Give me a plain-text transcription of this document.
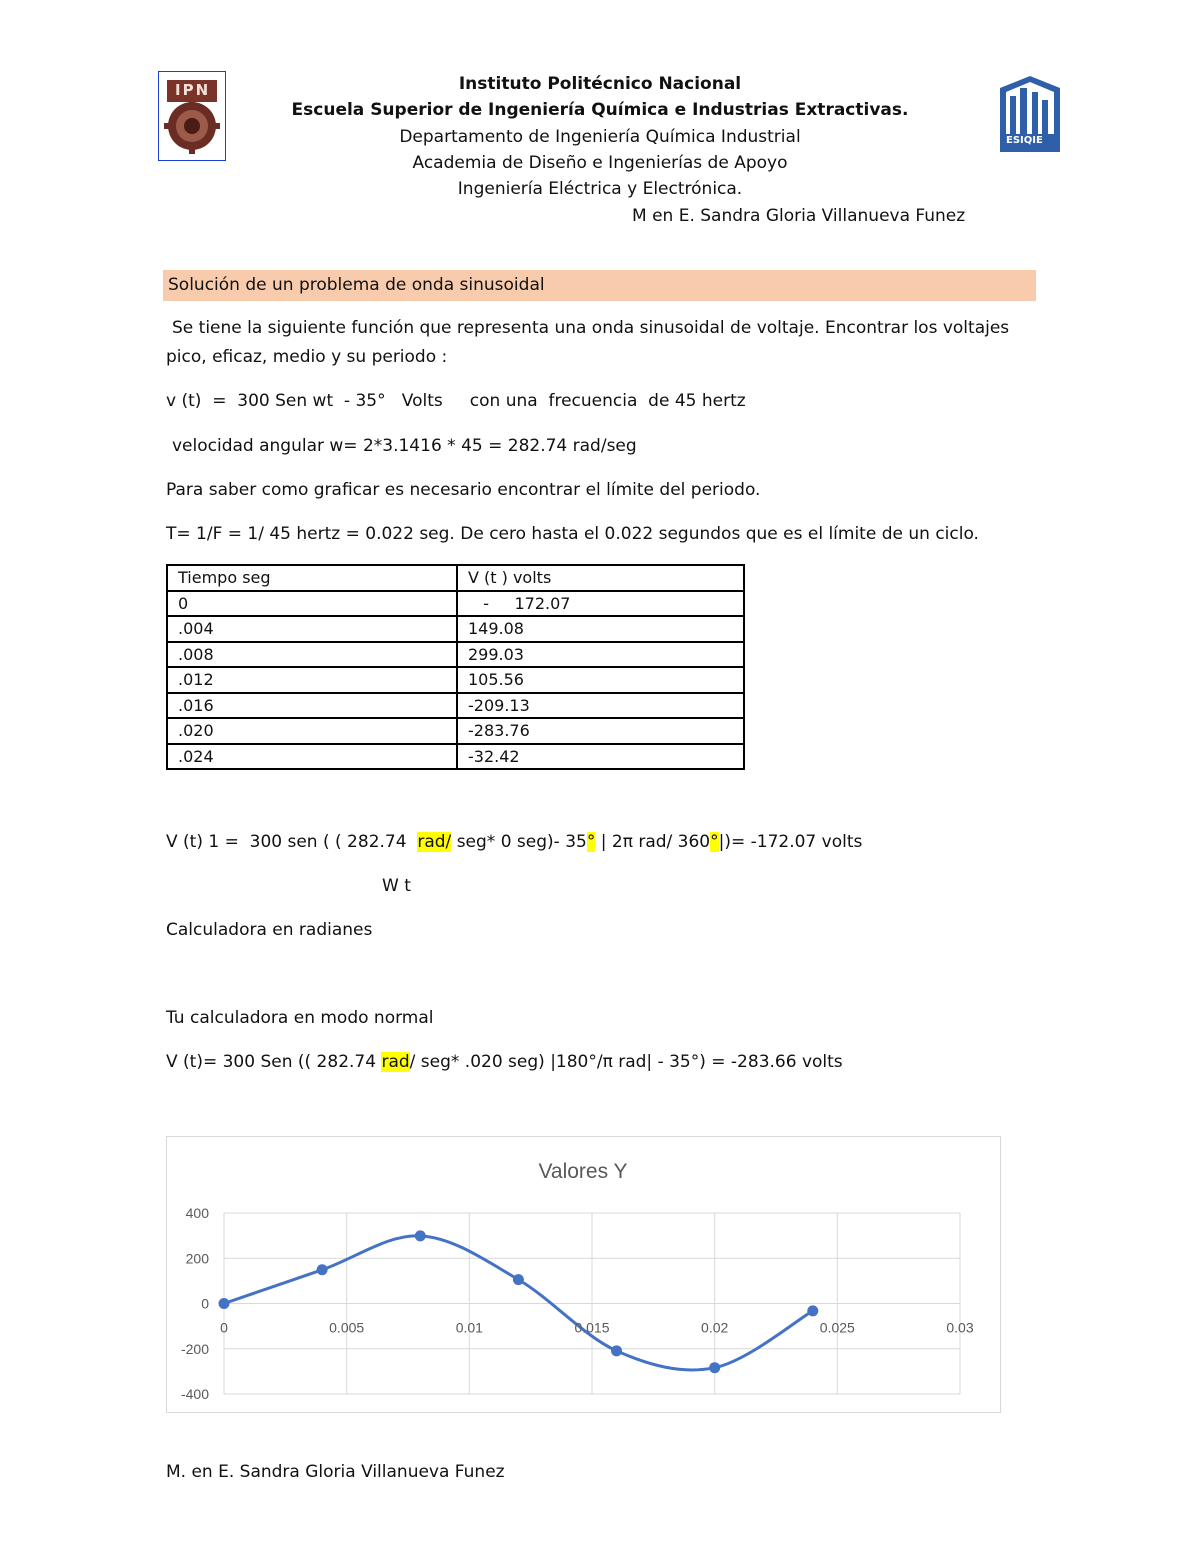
IPN
ESIQIE
Instituto Politécnico Nacional
Escuela Superior de Ingeniería Química e Industrias Extractivas.
Departamento de Ingeniería Química Industrial
Academia de Diseño e Ingenierías de Apoyo
Ingeniería Eléctrica y Electrónica.
M en E. Sandra Gloria Villanueva Funez
Solución de un problema de onda sinusoidal
Se tiene la siguiente función que representa una onda sinusoidal de voltaje. Encontrar los voltajes
pico, eficaz, medio y su periodo :
v (t)  =  300 Sen wt  - 35°   Volts     con una  frecuencia  de 45 hertz
velocidad angular w= 2*3.1416 * 45 = 282.74 rad/seg
Para saber como graficar es necesario encontrar el límite del periodo.
T= 1/F = 1/ 45 hertz = 0.022 seg. De cero hasta el 0.022 segundos que es el límite de un ciclo.
Tiempo seg	V (t ) volts
0	-     172.07
.004	149.08
.008	299.03
.012	105.56
.016	-209.13
.020	-283.76
.024	-32.42
V (t) 1 =  300 sen ( ( 282.74  rad/ seg* 0 seg)- 35° | 2π rad/ 360°|)= -172.07 volts
W t
Calculadora en radianes
Tu calculadora en modo normal
V (t)= 300 Sen (( 282.74 rad/ seg* .020 seg) |180°/π rad| - 35°) = -283.66 volts
400
200
0
-200
-400
0	0.005	0.01	0.015	0.02	0.025	0.03
Valores Y
M. en E. Sandra Gloria Villanueva Funez
